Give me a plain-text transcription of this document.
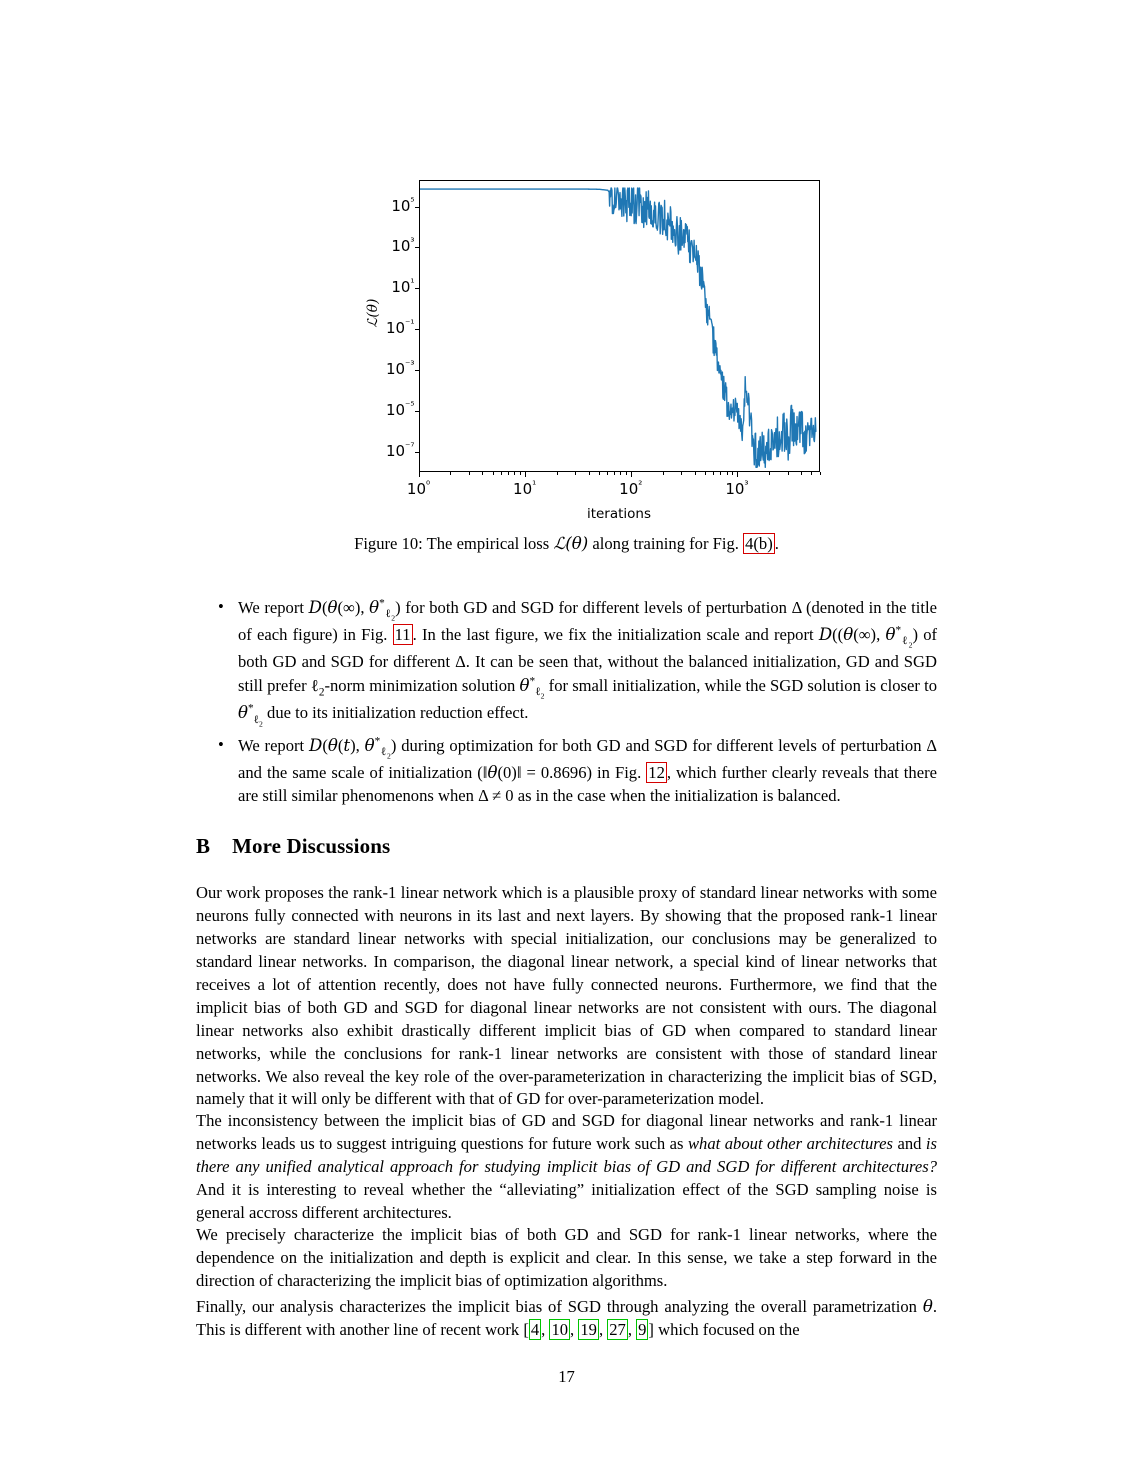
ℒ(θ)
$10^{^5}$
$10^{^3}$
$10^{^1}$
$10^{^{-1}}$
$10^{^{-3}}$
$10^{^{-5}}$
$10^{^{-7}}$
iterations
$10^{^0}$	$10^{^1}$	$10^{^2}$	$10^{^3}$
Figure 10: The empirical loss ℒ(θ) along training for Fig. 4(b) .
• We report D(θ(∞), $\theta^*_{\ell_2}$) for both GD and SGD for different levels of perturbation Δ (denoted in the title of each figure) in Fig. 11 . In the last figure, we fix the initialization scale and report D((θ(∞), $\theta^*_{\ell_2}$) of both GD and SGD for different Δ. It can be seen that, without the balanced initialization, GD and SGD still prefer ℓ$_2$-norm minimization solution $\theta^*_{\ell_2}$ for small initialization, while the SGD solution is closer to $\theta^*_{\ell_2}$ due to its initialization reduction effect.
• We report D(θ(t), $\theta^*_{\ell_2}$) during optimization for both GD and SGD for different levels of perturbation Δ and the same scale of initialization (‖θ(0)‖ = 0.8696) in Fig. 12 , which further clearly reveals that there are still similar phenomenons when Δ ≠ 0 as in the case when the initialization is balanced.
B More Discussions

Our work proposes the rank-1 linear network which is a plausible proxy of standard linear networks with some neurons fully connected with neurons in its last and next layers. By showing that the proposed rank-1 linear networks are standard linear networks with special initialization, our conclusions may be generalized to standard linear networks. In comparison, the diagonal linear network, a special kind of linear networks that receives a lot of attention recently, does not have fully connected neurons. Furthermore, we find that the implicit bias of both GD and SGD for diagonal linear networks are not consistent with ours. The diagonal linear networks also exhibit drastically different implicit bias of GD when compared to standard linear networks, while the conclusions for rank-1 linear networks are consistent with those of standard linear networks. We also reveal the key role of the over-parameterization in characterizing the implicit bias of SGD, namely that it will only be different with that of GD for over-parameterization model.

The inconsistency between the implicit bias of GD and SGD for diagonal linear networks and rank-1 linear networks leads us to suggest intriguing questions for future work such as what about other architectures and is there any unified analytical approach for studying implicit bias of GD and SGD for different architectures? And it is interesting to reveal whether the “alleviating” initialization effect of the SGD sampling noise is general accross different architectures.

We precisely characterize the implicit bias of both GD and SGD for rank-1 linear networks, where the dependence on the initialization and depth is explicit and clear. In this sense, we take a step forward in the direction of characterizing the implicit bias of optimization algorithms.

Finally, our analysis characterizes the implicit bias of SGD through analyzing the overall parametrization θ. This is different with another line of recent work [ 4 , 10 , 19 , 27 , 9 ] which focused on the

17
